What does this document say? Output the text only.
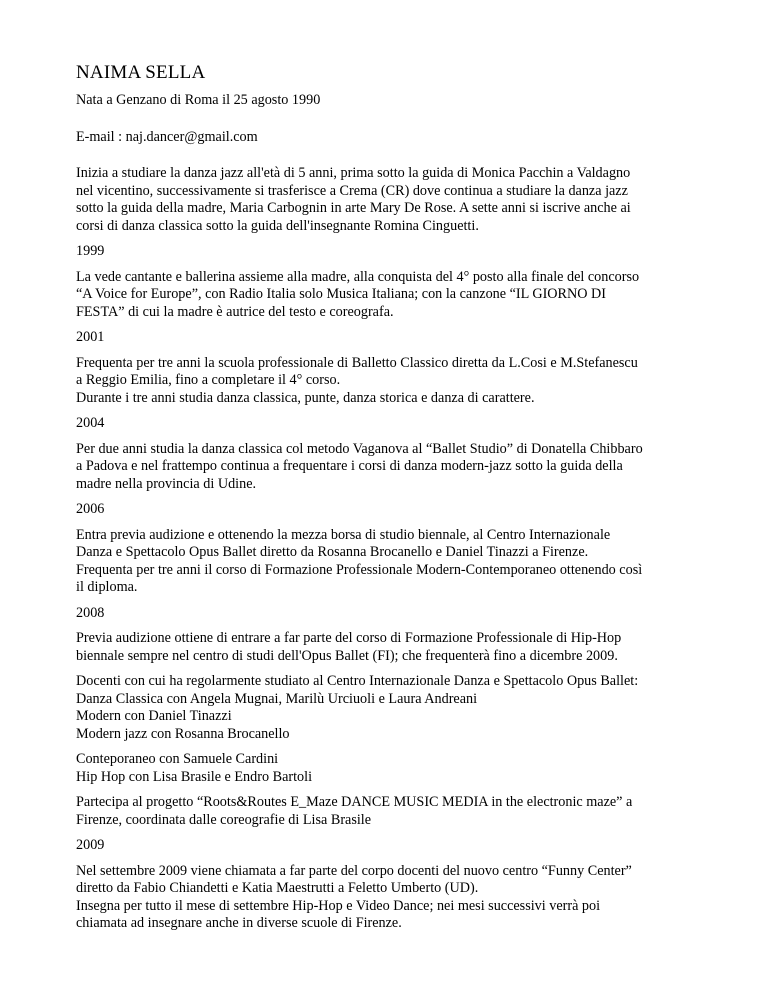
NAIMA SELLA
Nata a Genzano di Roma il 25 agosto 1990
E-mail : naj.dancer@gmail.com
Inizia a studiare la danza jazz all'età di 5 anni, prima sotto la guida di Monica Pacchin a Valdagno
nel vicentino, successivamente si trasferisce a Crema (CR) dove continua a studiare la danza jazz
sotto la guida della madre, Maria Carbognin in arte Mary De Rose. A sette anni si iscrive anche ai
corsi di danza classica sotto la guida dell'insegnante Romina Cinguetti.
1999
La vede cantante e ballerina assieme alla madre, alla conquista del 4° posto alla finale del concorso
“A Voice for Europe”, con Radio Italia solo Musica Italiana; con la canzone “IL GIORNO DI
FESTA” di cui la madre è autrice del testo e coreografa.
2001
Frequenta per tre anni la scuola professionale di Balletto Classico diretta da L.Cosi e M.Stefanescu
a Reggio Emilia, fino a completare il 4° corso.
Durante i tre anni studia danza classica, punte, danza storica e danza di carattere.
2004
Per due anni studia la danza classica col metodo Vaganova al “Ballet Studio” di Donatella Chibbaro
a Padova e nel frattempo continua a frequentare i corsi di danza modern-jazz sotto la guida della
madre nella provincia di Udine.
2006
Entra previa audizione e ottenendo la mezza borsa di studio biennale, al Centro Internazionale
Danza e Spettacolo Opus Ballet diretto da Rosanna Brocanello e Daniel Tinazzi a Firenze.
Frequenta per tre anni il corso di Formazione Professionale Modern-Contemporaneo ottenendo così
il diploma.
2008
Previa audizione ottiene di entrare a far parte del corso di Formazione Professionale di Hip-Hop
biennale sempre nel centro di studi dell'Opus Ballet (FI); che frequenterà fino a dicembre 2009.
Docenti con cui ha regolarmente studiato al Centro Internazionale Danza e Spettacolo Opus Ballet:
Danza Classica con Angela Mugnai, Marilù Urciuoli e Laura Andreani
Modern con Daniel Tinazzi
Modern jazz con Rosanna Brocanello
Conteporaneo con Samuele Cardini
Hip Hop con Lisa Brasile e Endro Bartoli
Partecipa al progetto “Roots&Routes E_Maze DANCE MUSIC MEDIA in the electronic maze” a
Firenze, coordinata dalle coreografie di Lisa Brasile
2009
Nel settembre 2009 viene chiamata a far parte del corpo docenti del nuovo centro “Funny Center”
diretto da Fabio Chiandetti e Katia Maestrutti a Feletto Umberto (UD).
Insegna per tutto il mese di settembre Hip-Hop e Video Dance; nei mesi successivi verrà poi
chiamata ad insegnare anche in diverse scuole di Firenze.
